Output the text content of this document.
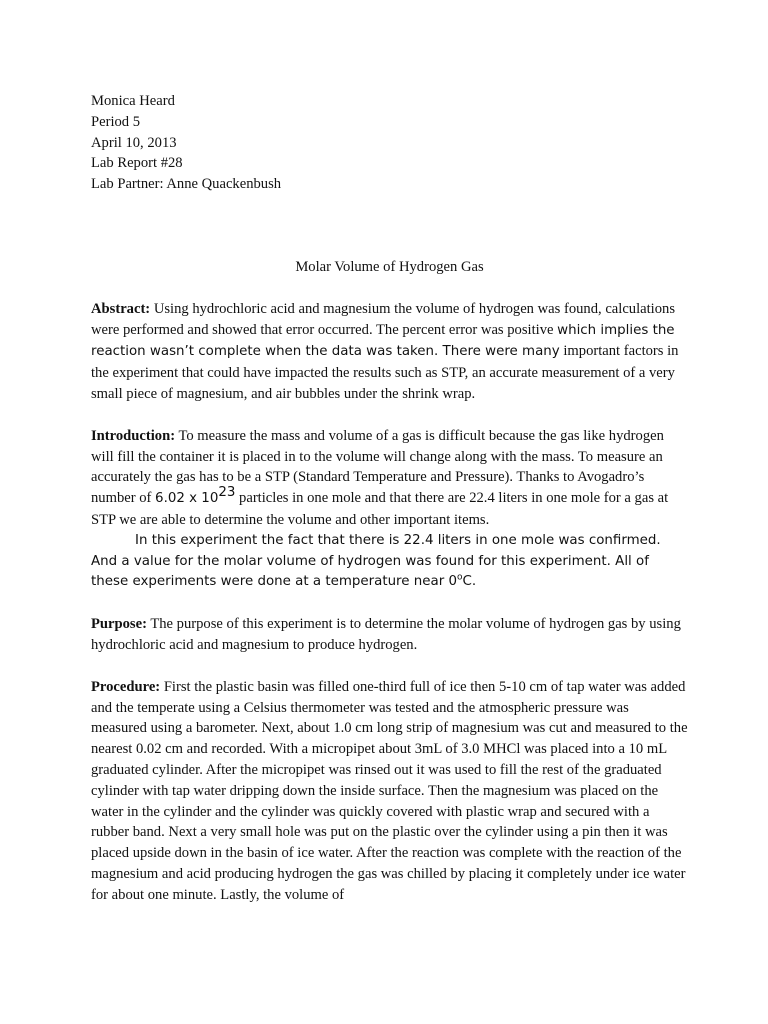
Monica Heard
Period 5
April 10, 2013
Lab Report #28
Lab Partner: Anne Quackenbush
Molar Volume of Hydrogen Gas

Abstract: Using hydrochloric acid and magnesium the volume of hydrogen was found, calculations were performed and showed that error occurred. The percent error was positive which implies the reaction wasn’t complete when the data was taken. There were many important factors in the experiment that could have impacted the results such as STP, an accurate measurement of a very small piece of magnesium, and air bubbles under the shrink wrap.

Introduction: To measure the mass and volume of a gas is difficult because the gas like hydrogen will fill the container it is placed in to the volume will change along with the mass. To measure an accurately the gas has to be a STP (Standard Temperature and Pressure). Thanks to Avogadro’s number of 6.02 x $10^{23}$ particles in one mole and that there are 22.4 liters in one mole for a gas at STP we are able to determine the volume and other important items.

In this experiment the fact that there is 22.4 liters in one mole was confirmed. And a value for the molar volume of hydrogen was found for this experiment. All of these experiments were done at a temperature near 0$^o$C.

Purpose: The purpose of this experiment is to determine the molar volume of hydrogen gas by using hydrochloric acid and magnesium to produce hydrogen.

Procedure: First the plastic basin was filled one-third full of ice then 5-10 cm of tap water was added and the temperate using a Celsius thermometer was tested and the atmospheric pressure was measured using a barometer. Next, about 1.0 cm long strip of magnesium was cut and measured to the nearest 0.02 cm and recorded. With a micropipet about 3mL of 3.0 MHCl was placed into a 10 mL graduated cylinder. After the micropipet was rinsed out it was used to fill the rest of the graduated cylinder with tap water dripping down the inside surface. Then the magnesium was placed on the water in the cylinder and the cylinder was quickly covered with plastic wrap and secured with a rubber band. Next a very small hole was put on the plastic over the cylinder using a pin then it was placed upside down in the basin of ice water. After the reaction was complete with the reaction of the magnesium and acid producing hydrogen the gas was chilled by placing it completely under ice water for about one minute. Lastly, the volume of
